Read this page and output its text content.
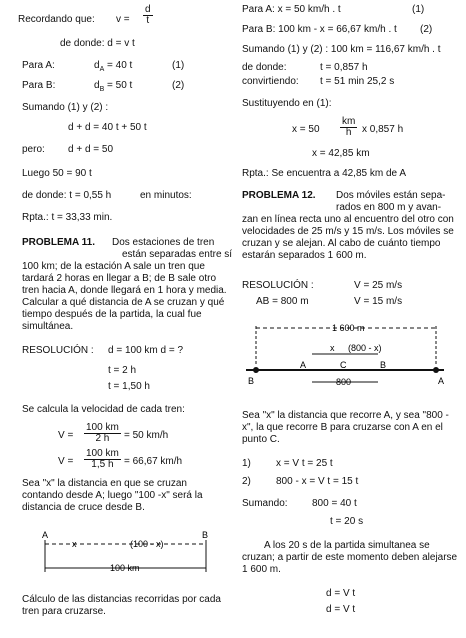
Recordando que: $v = \frac{d}{t}$
de donde: d = v t
Para A:	$d_A = 40$ t	(1)
Para B:	$d_B = 50$ t	(2)
Sumando (1) y (2) :
d + d = 40 t + 50 t
pero: d + d = 50
Luego 50 = 90 t
de donde: t = 0,55 h	en minutos:
Rpta.: t = 33,33 min.
PROBLEMA 11. Dos estaciones de tren
están separadas entre sí
100 km; de la estación A sale un tren que tardará 2 horas en llegar a B; de B sale otro tren hacia A, donde llegará en 1 hora y media. Calcular a qué distancia de A se cruzan y qué tiempo después de la partida, la cual fue simultánea.
RESOLUCIÓN : d = 100 km d = ?
t = 2 h
t = 1,50 h
Se calcula la velocidad de cada tren:
$V = \frac{100 km}{2 h} = 50$ km/h
$V = \frac{100 km}{1,5 h} = 66,67$ km/h
Sea "x" la distancia en que se cruzan contando desde A; luego "100 -x" será la distancia de cruce desde B.
A	B
x	(100 - x)
100 km
Cálculo de las distancias recorridas por cada tren para cruzarse.
Para A: x = 50 km/h . t	(1)
Para B: 100 km - x = 66,67 km/h . t (2)
Sumando (1) y (2) : 100 km = 116,67 km/h . t
de donde:	t = 0,857 h
convirtiendo: t = 51 min 25,2 s
Sustituyendo en (1):
$x = 50 \frac{km}{h}$ x 0,857 h
x = 42,85 km
Rpta.: Se encuentra a 42,85 km de A
PROBLEMA 12. Dos móviles están sepa-
rados en 800 m y avan-
zan en línea recta uno al encuentro del otro con velocidades de 25 m/s y 15 m/s. Los móviles se cruzan y se alejan. Al cabo de cuánto tiempo estarán separados 1 600 m.
RESOLUCIÓN :	V = 25 m/s
AB = 800 m	V = 15 m/s
1 600 m
x (800 - x)
B
A	C	B
A
800
Sea "x" la distancia que recorre A, y sea "800 - x", la que recorre B para cruzarse con A en el punto C.
1)	x = V t = 25 t
2)	800 - x = V t = 15 t
Sumando: 800 = 40 t
t = 20 s
A los 20 s de la partida simultanea se cruzan; a partir de este momento deben alejarse 1 600 m.
d = V t
d = V t
